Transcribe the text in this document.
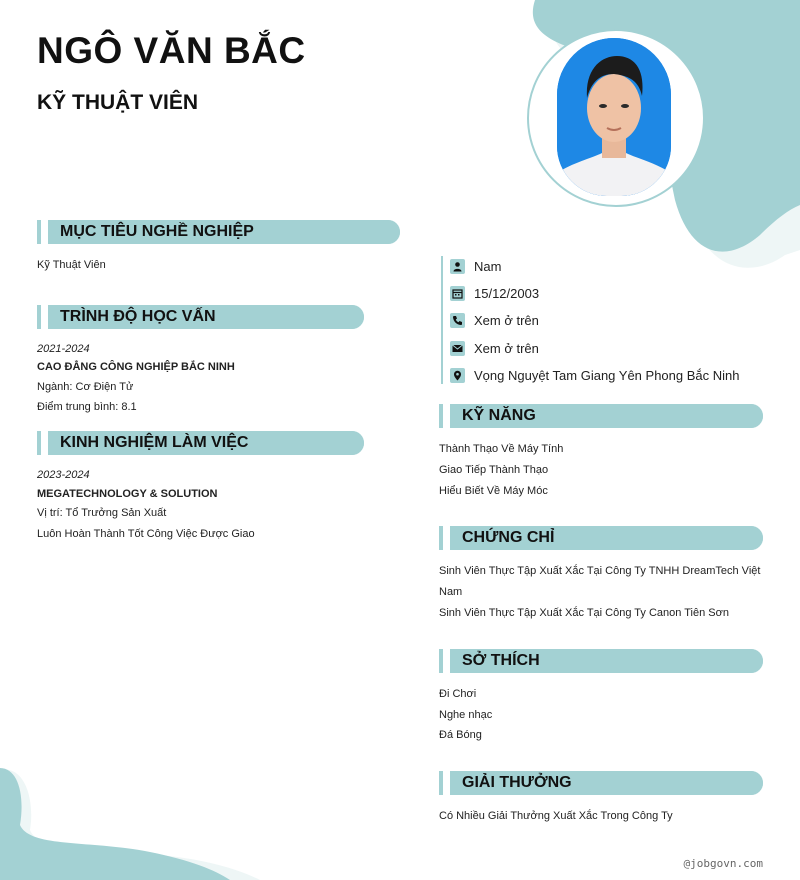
NGÔ VĂN BẮC
KỸ THUẬT VIÊN
MỤC TIÊU NGHỀ NGHIỆP

Kỹ Thuật Viên

TRÌNH ĐỘ HỌC VẤN

2021-2024

CAO ĐẲNG CÔNG NGHIỆP BẮC NINH

Ngành: Cơ Điện Tử

Điểm trung bình: 8.1

KINH NGHIỆM LÀM VIỆC

2023-2024

MEGATECHNOLOGY & SOLUTION

Vị trí: Tổ Trưởng Sản Xuất

Luôn Hoàn Thành Tốt Công Việc Được Giao

Nam
15/12/2003
Xem ở trên
Xem ở trên
Vọng Nguyệt Tam Giang Yên Phong Bắc Ninh
KỸ NĂNG

Thành Thạo Về Máy Tính

Giao Tiếp Thành Thạo

Hiểu Biết Về Máy Móc

CHỨNG CHỈ

Sinh Viên Thực Tập Xuất Xắc Tại Công Ty TNHH DreamTech Việt

Nam

Sinh Viên Thực Tập Xuất Xắc Tại Công Ty Canon Tiên Sơn

SỞ THÍCH

Đi Chơi

Nghe nhạc

Đá Bóng

GIẢI THƯỞNG

Có Nhiều Giải Thưởng Xuất Xắc Trong Công Ty

@jobgovn.com
